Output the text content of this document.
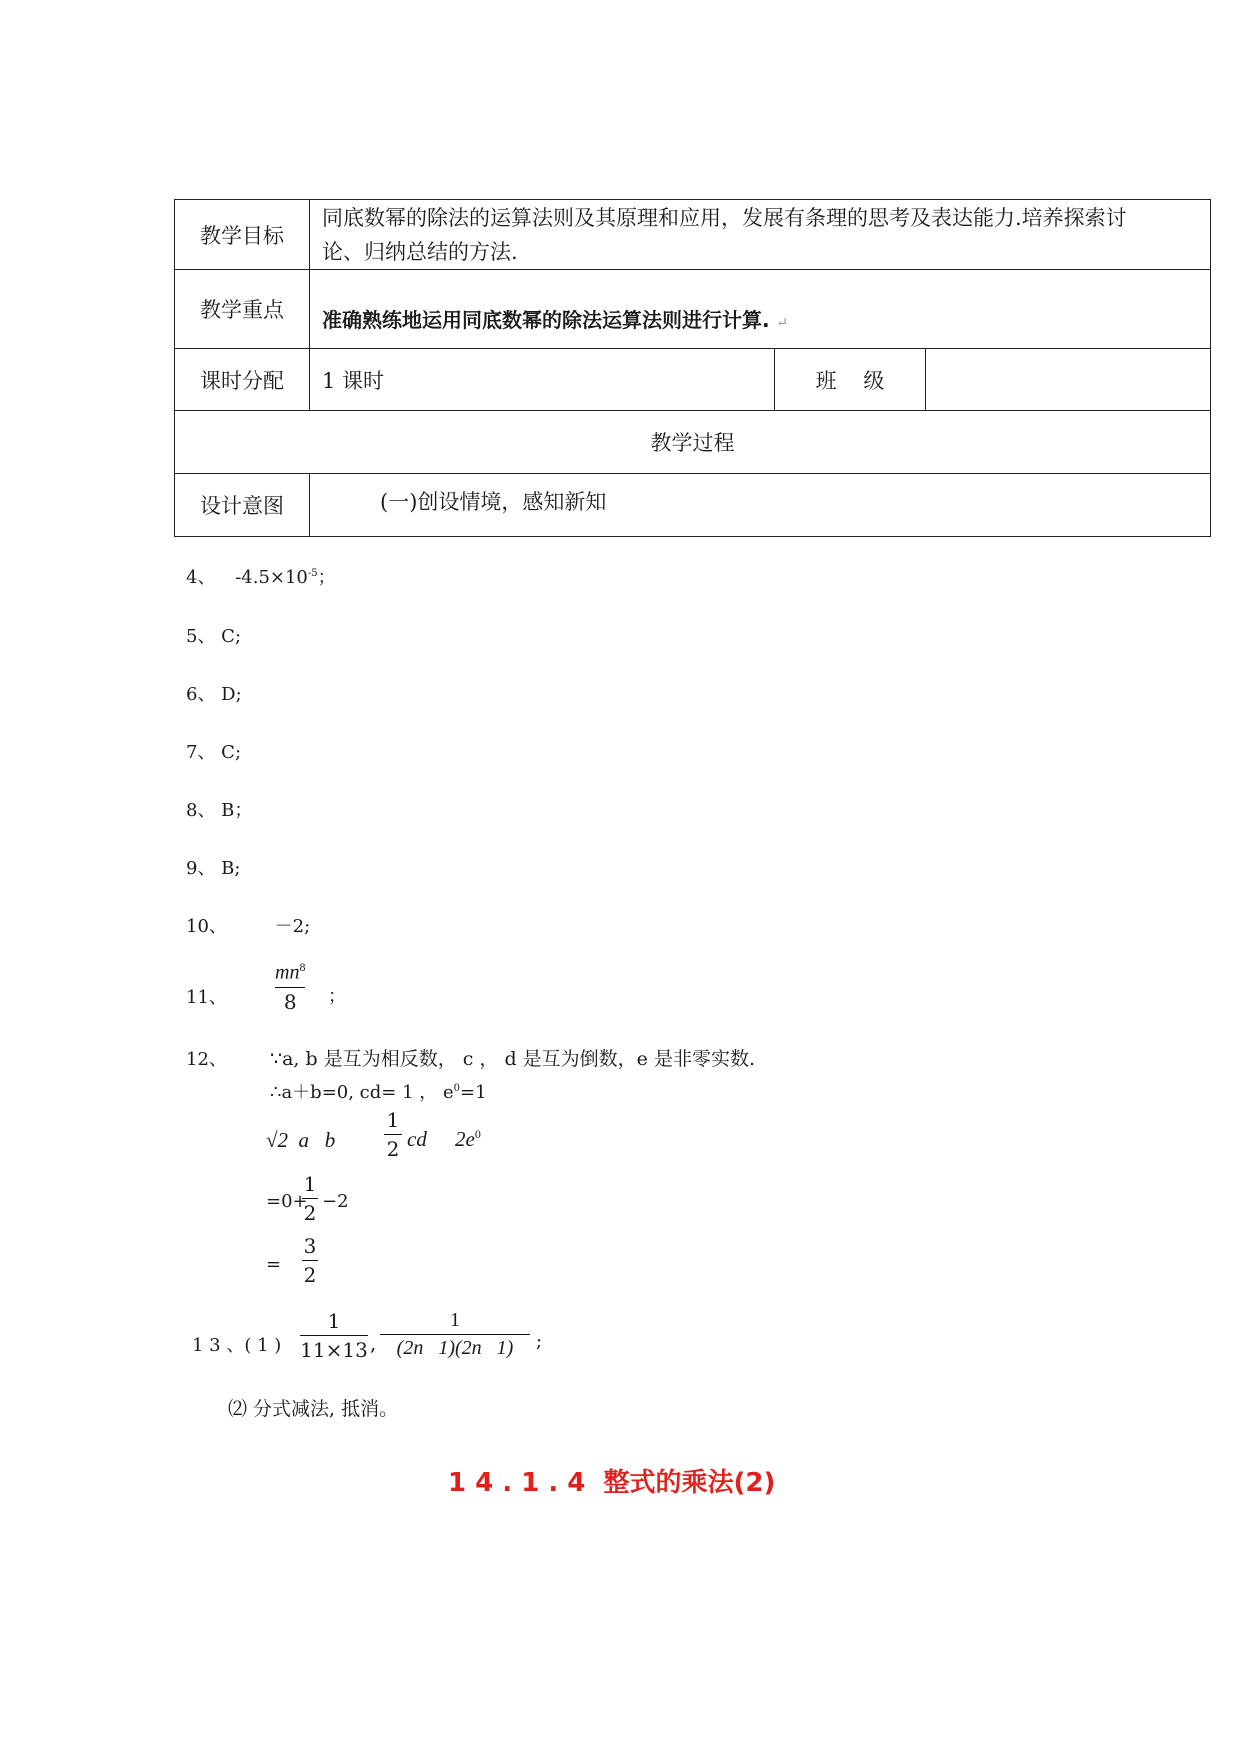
教学目标	同底数幂的除法的运算法则及其原理和应用，发展有条理的思考及表达能力.培养探索讨
论、归纳总结的方法.		
教学重点	准确熟练地运用同底数幂的除法运算法则进行计算. ↵		
课时分配	1 课时	班    级	
教学过程			
设计意图	(一)创设情境，感知新知		
4、 $-4.5\times 10^{-5}$；
5、 C;
6、 D;
7、 C;
8、 B；
9、 B;
10、	－2;
11、
$mn^8$
8	；
12、 ∵a, b 是互为相反数， c ， d 是互为倒数，e 是非零实数.
∴a＋b=0, cd= 1 ， $e^0=1$
√2  a   b
1
2 cd $2e^0$
=0+
1
2 −2
=
3
2
1 3 、( 1 )
1
11×13 ,
1
(2n   1)(2n   1)	;
⑵ 分式减法, 抵消。
1 4 . 1 . 4  整式的乘法(2)
